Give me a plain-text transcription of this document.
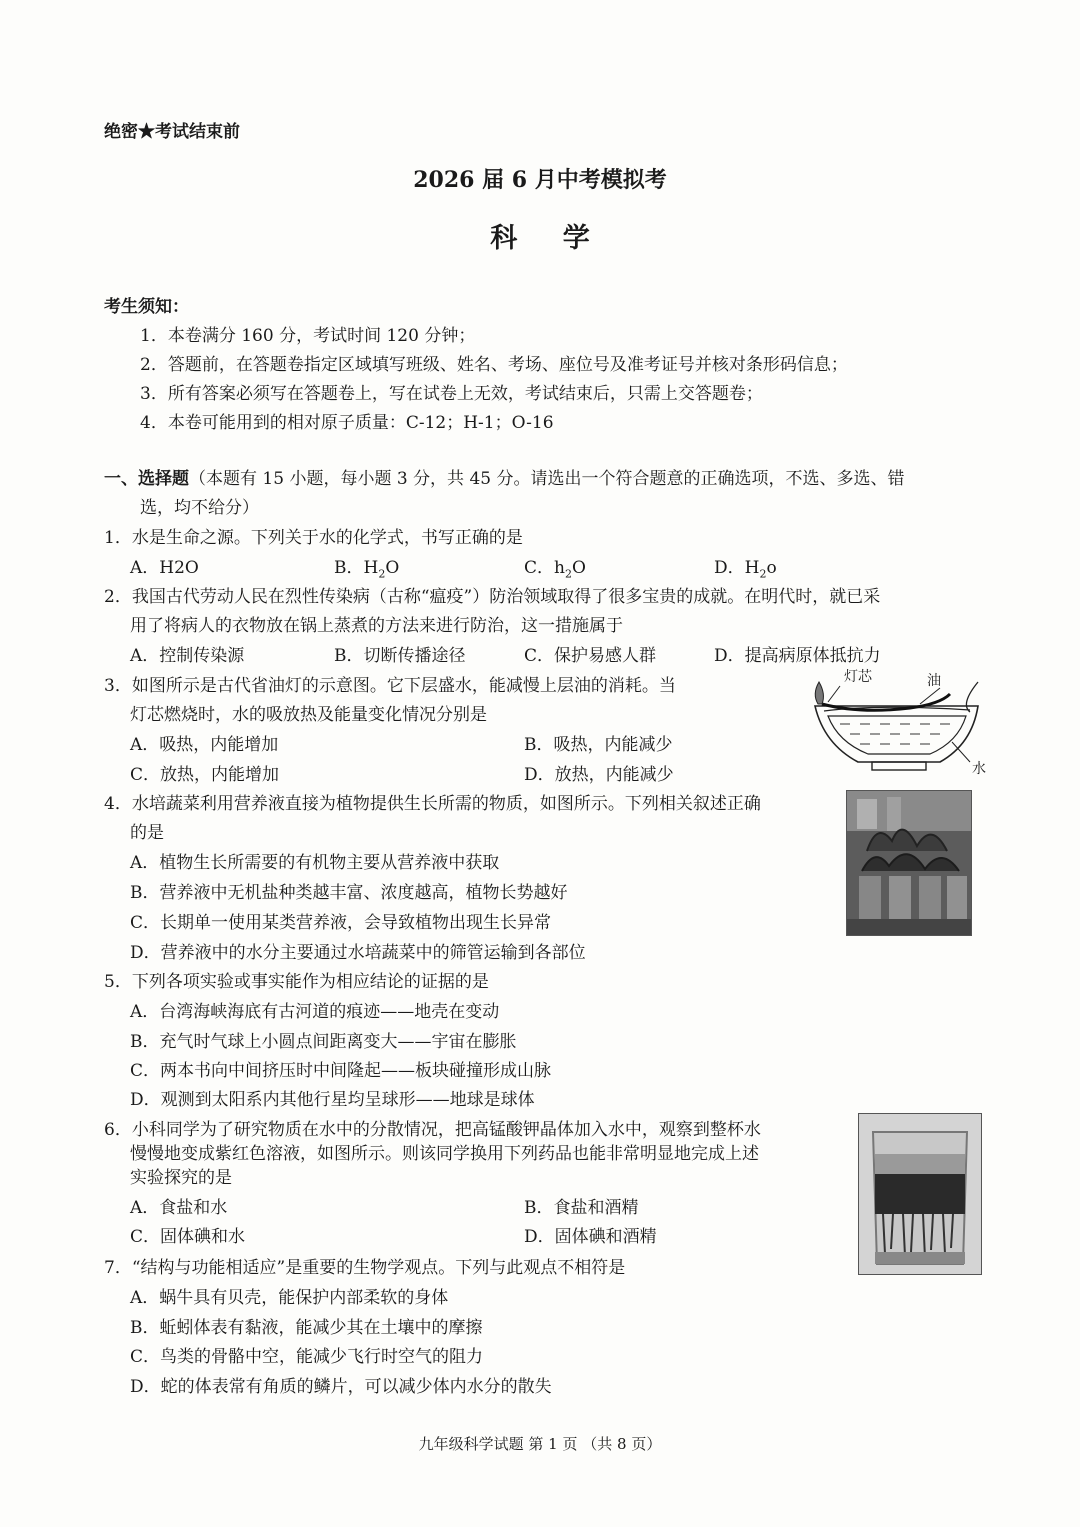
绝密★考试结束前
2026 届 6 月中考模拟考
科 学
考生须知：
1．本卷满分 160 分，考试时间 120 分钟；
2．答题前，在答题卷指定区域填写班级、姓名、考场、座位号及准考证号并核对条形码信息；
3．所有答案必须写在答题卷上，写在试卷上无效，考试结束后，只需上交答题卷；
4．本卷可能用到的相对原子质量：C-12；H-1；O-16
一、选择题（本题有 15 小题，每小题 3 分，共 45 分。请选出一个符合题意的正确选项，不选、多选、错
选，均不给分）
1．水是生命之源。下列关于水的化学式，书写正确的是
A．H2O	B．$H_2O$	C．$h_2O$	D．$H_2o$
2．我国古代劳动人民在烈性传染病（古称“瘟疫”）防治领域取得了很多宝贵的成就。在明代时，就已采
用了将病人的衣物放在锅上蒸煮的方法来进行防治，这一措施属于
A．控制传染源	B．切断传播途径	C．保护易感人群	D．提高病原体抵抗力
3．如图所示是古代省油灯的示意图。它下层盛水，能减慢上层油的消耗。当
灯芯燃烧时，水的吸放热及能量变化情况分别是
A．吸热，内能增加	B．吸热，内能减少
C．放热，内能增加	D．放热，内能减少
灯芯	油
水
4．水培蔬菜利用营养液直接为植物提供生长所需的物质，如图所示。下列相关叙述正确
的是
A．植物生长所需要的有机物主要从营养液中获取
B．营养液中无机盐种类越丰富、浓度越高，植物长势越好
C．长期单一使用某类营养液，会导致植物出现生长异常
D．营养液中的水分主要通过水培蔬菜中的筛管运输到各部位
5．下列各项实验或事实能作为相应结论的证据的是
A．台湾海峡海底有古河道的痕迹——地壳在变动
B．充气时气球上小圆点间距离变大——宇宙在膨胀
C．两本书向中间挤压时中间隆起——板块碰撞形成山脉
D．观测到太阳系内其他行星均呈球形——地球是球体
6．小科同学为了研究物质在水中的分散情况，把高锰酸钾晶体加入水中，观察到整杯水
慢慢地变成紫红色溶液，如图所示。则该同学换用下列药品也能非常明显地完成上述
实验探究的是
A．食盐和水	B．食盐和酒精
C．固体碘和水	D．固体碘和酒精
7．“结构与功能相适应”是重要的生物学观点。下列与此观点不相符是
A．蜗牛具有贝壳，能保护内部柔软的身体
B．蚯蚓体表有黏液，能减少其在土壤中的摩擦
C．鸟类的骨骼中空，能减少飞行时空气的阻力
D．蛇的体表常有角质的鳞片，可以减少体内水分的散失
九年级科学试题 第 1 页 （共 8 页）
